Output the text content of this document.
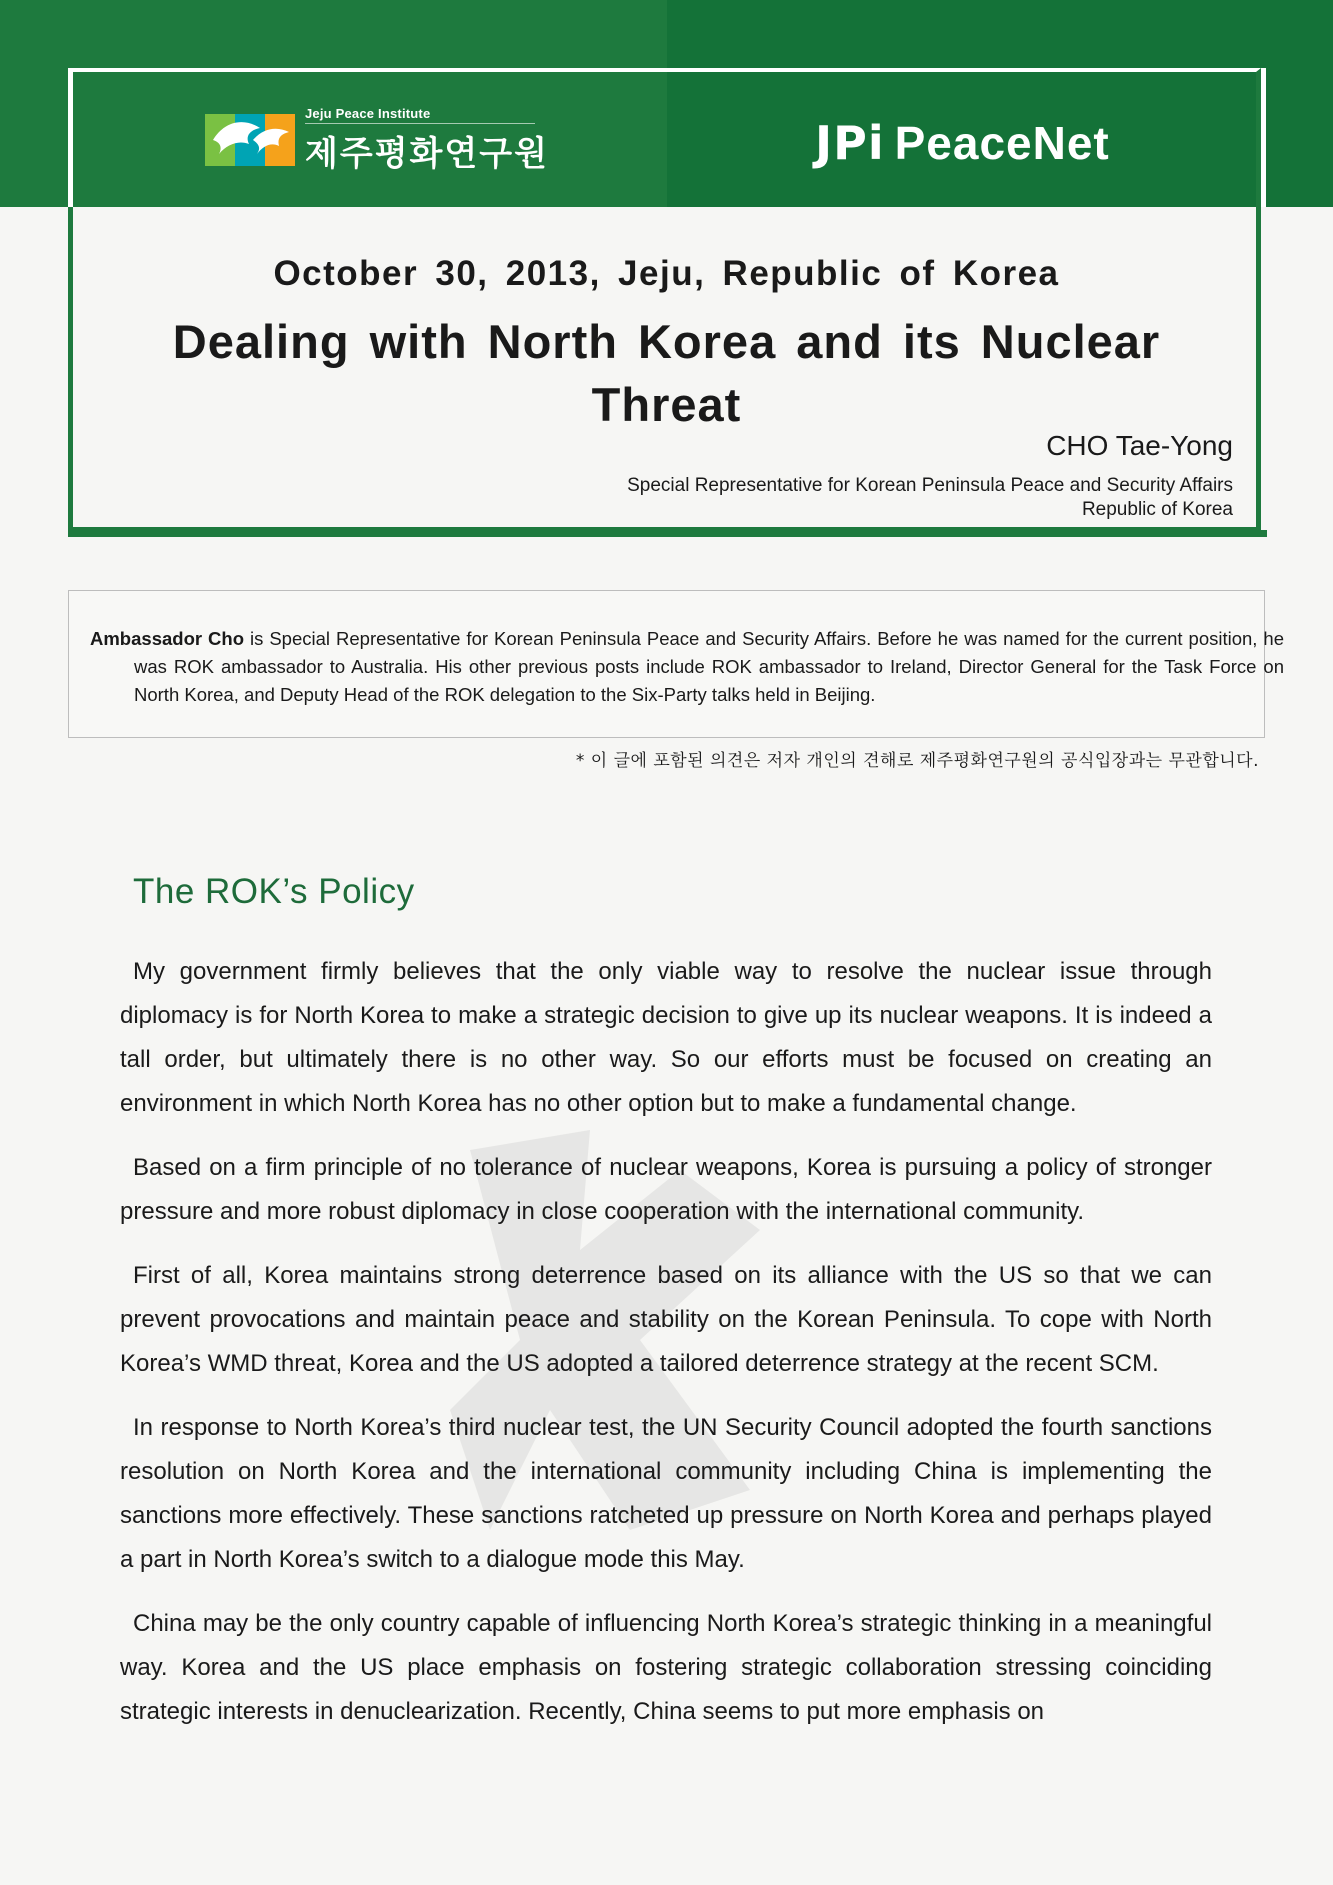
Jeju Peace Institute
제주평화연구원	JPi PeaceNet
October 30, 2013, Jeju, Republic of Korea
Dealing with North Korea and its Nuclear Threat
CHO Tae-Yong
Special Representative for Korean Peninsula Peace and Security Affairs
Republic of Korea
Ambassador Cho is Special Representative for Korean Peninsula Peace and Security Affairs. Before he was named for the current position, he was ROK ambassador to Australia. His other previous posts include ROK ambassador to Ireland, Director General for the Task Force on North Korea, and Deputy Head of the ROK delegation to the Six-Party talks held in Beijing.
* 이 글에 포함된 의견은 저자 개인의 견해로 제주평화연구원의 공식입장과는 무관합니다.
The ROK’s Policy

My government firmly believes that the only viable way to resolve the nuclear issue through diplomacy is for North Korea to make a strategic decision to give up its nuclear weapons. It is indeed a tall order, but ultimately there is no other way. So our efforts must be focused on creating an environment in which North Korea has no other option but to make a fundamental change.

Based on a firm principle of no tolerance of nuclear weapons, Korea is pursuing a policy of stronger pressure and more robust diplomacy in close cooperation with the international community.

First of all, Korea maintains strong deterrence based on its alliance with the US so that we can prevent provocations and maintain peace and stability on the Korean Peninsula. To cope with North Korea’s WMD threat, Korea and the US adopted a tailored deterrence strategy at the recent SCM.

In response to North Korea’s third nuclear test, the UN Security Council adopted the fourth sanctions resolution on North Korea and the international community including China is implementing the sanctions more effectively. These sanctions ratcheted up pressure on North Korea and perhaps played a part in North Korea’s switch to a dialogue mode this May.

China may be the only country capable of influencing North Korea’s strategic thinking in a meaningful way. Korea and the US place emphasis on fostering strategic collaboration stressing coinciding strategic interests in denuclearization. Recently, China seems to put more emphasis on
